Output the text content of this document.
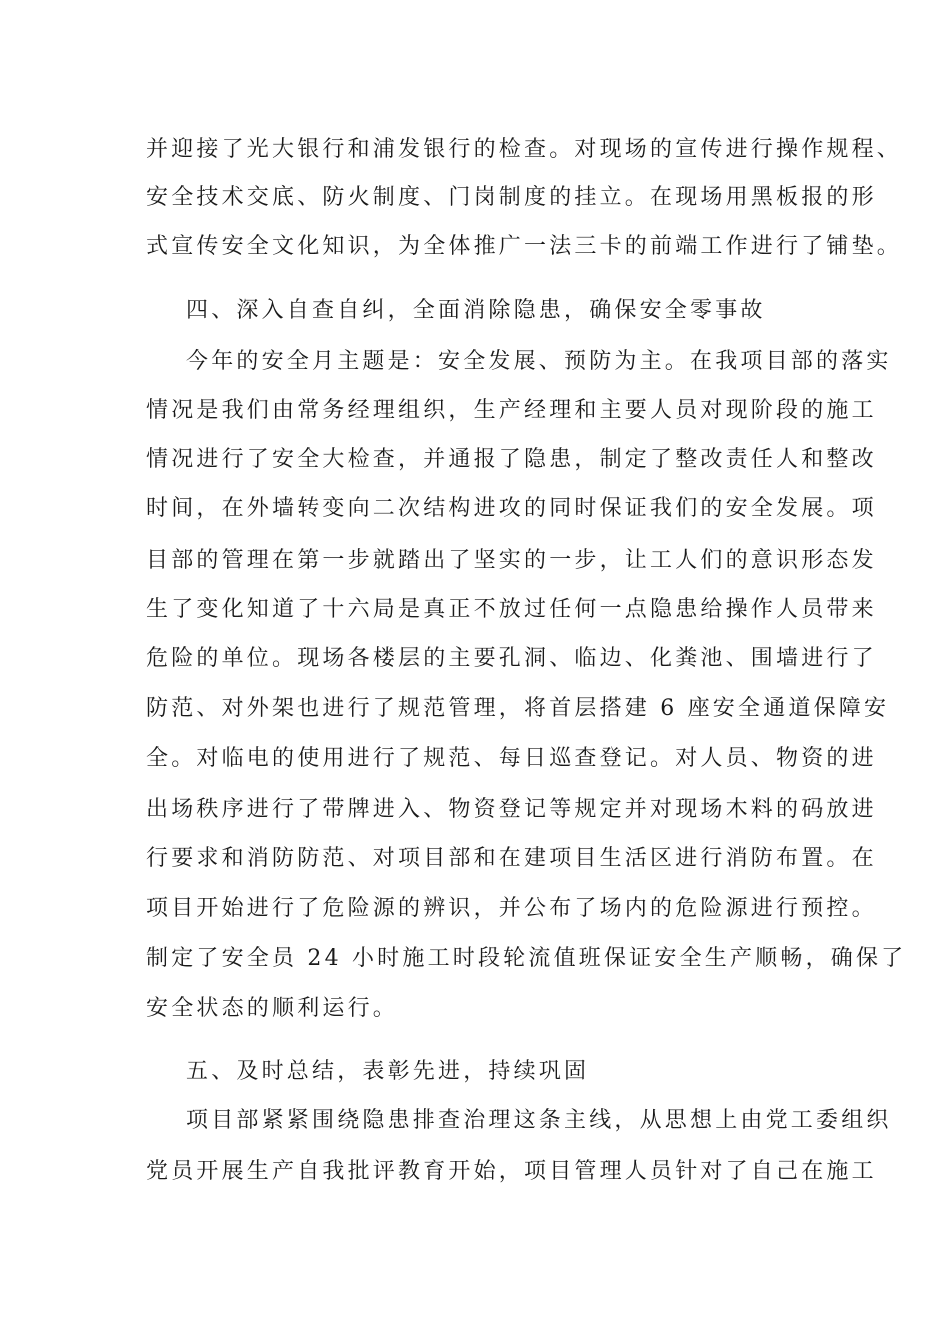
并迎接了光大银行和浦发银行的检查。对现场的宣传进行操作规程、
安全技术交底、防火制度、门岗制度的挂立。在现场用黑板报的形
式宣传安全文化知识，为全体推广一法三卡的前端工作进行了铺垫。
四、深入自查自纠，全面消除隐患，确保安全零事故
今年的安全月主题是：安全发展、预防为主。在我项目部的落实
情况是我们由常务经理组织，生产经理和主要人员对现阶段的施工
情况进行了安全大检查，并通报了隐患，制定了整改责任人和整改
时间，在外墙转变向二次结构进攻的同时保证我们的安全发展。项
目部的管理在第一步就踏出了坚实的一步，让工人们的意识形态发
生了变化知道了十六局是真正不放过任何一点隐患给操作人员带来
危险的单位。现场各楼层的主要孔洞、临边、化粪池、围墙进行了
防范、对外架也进行了规范管理，将首层搭建 6 座安全通道保障安
全。对临电的使用进行了规范、每日巡查登记。对人员、物资的进
出场秩序进行了带牌进入、物资登记等规定并对现场木料的码放进
行要求和消防防范、对项目部和在建项目生活区进行消防布置。在
项目开始进行了危险源的辨识，并公布了场内的危险源进行预控。
制定了安全员 24 小时施工时段轮流值班保证安全生产顺畅，确保了
安全状态的顺利运行。
五、及时总结，表彰先进，持续巩固
项目部紧紧围绕隐患排查治理这条主线，从思想上由党工委组织
党员开展生产自我批评教育开始，项目管理人员针对了自己在施工
